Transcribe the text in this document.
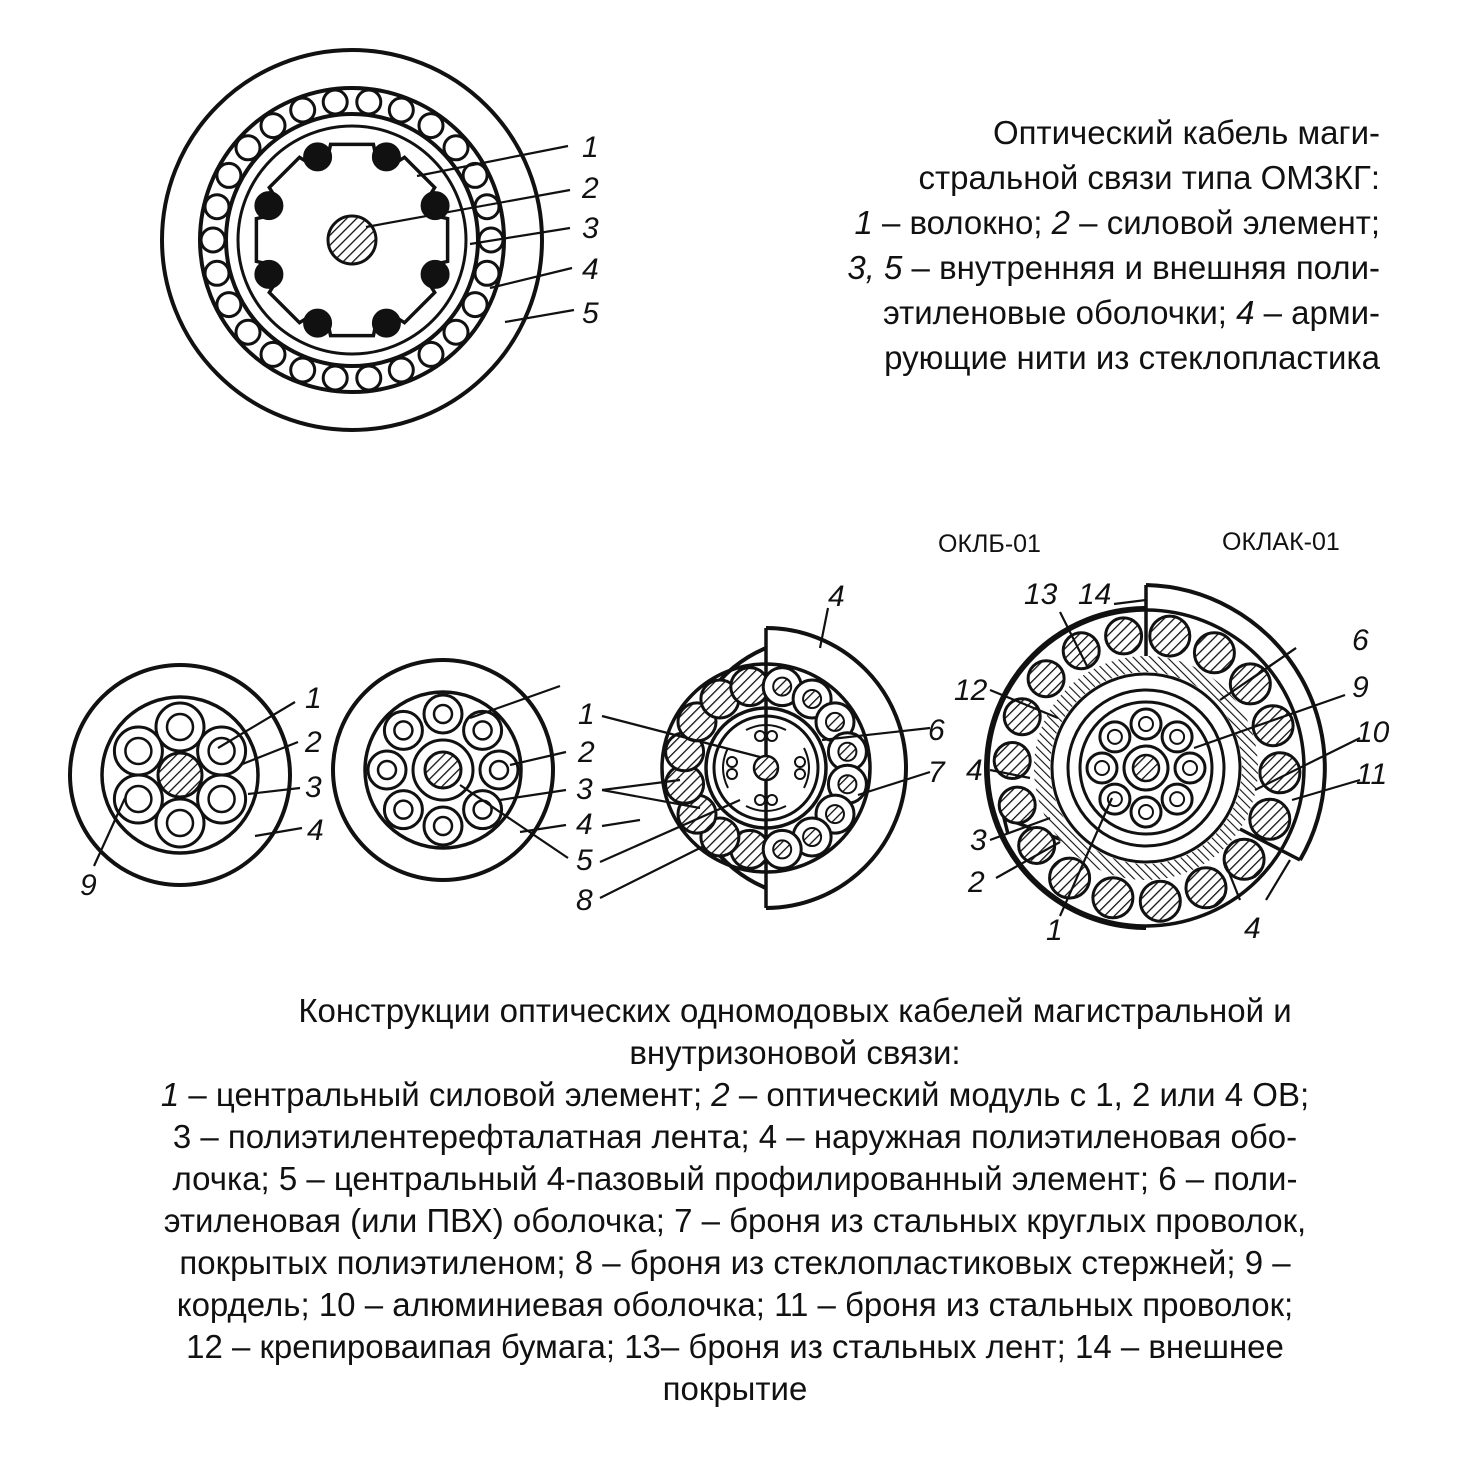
1
2
3
4
5
ОКЛБ-01	ОКЛАК-01
1
2
3
4
9
1
2
3
4
5
4
6
7
8
13 14
6
12	9
10
4	11
3
2
1	4
Оптический кабель маги-
стральной связи типа ОМЗКГ:
1 – волокно; 2 – силовой элемент;
3, 5 – внутренняя и внешняя поли-
этиленовые оболочки; 4 – арми-
рующие нити из стеклопластика
Конструкции оптических одномодовых кабелей магистральной и
внутризоновой связи:
1 – центральный силовой элемент; 2 – оптический модуль с 1, 2 или 4 ОВ;
3 – полиэтилентерефталатная лента; 4 – наружная полиэтиленовая обо-
лочка; 5 – центральный 4-пазовый профилированный элемент; 6 – поли-
этиленовая (или ПВХ) оболочка; 7 – броня из стальных круглых проволок,
покрытых полиэтиленом; 8 – броня из стеклопластиковых стержней; 9 –
кордель; 10 – алюминиевая оболочка; 11 – броня из стальных проволок;
12 – крепироваипая бумага; 13– броня из стальных лент; 14 – внешнее
покрытие
